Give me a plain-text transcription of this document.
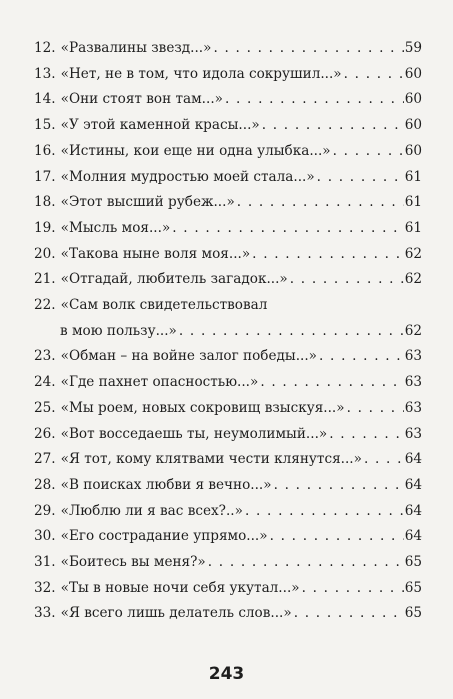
12. «Развалины звезд...» . . .	59
13. «Нет, не в том, что идола сокрушил...» . . .	60
14. «Они стоят вон там...» . . .	60
15. «У этой каменной красы...» . . .	60
16. «Истины, кои еще ни одна улыбка...» . . .	60
17. «Молния мудростью моей стала...» . . .	61
18. «Этот высший рубеж...» . . .	61
19. «Мысль моя...» . . .	61
20. «Такова ныне воля моя...» . . .	62
21. «Отгадай, любитель загадок...» . . .	62
22. «Сам волк свидетельствовал
в мою пользу...» . . .	62
23. «Обман – на войне залог победы...» . . .	63
24. «Где пахнет опасностью...» . . .	63
25. «Мы роем, новых сокровищ взыскуя...» . . .	63
26. «Вот восседаешь ты, неумолимый...» . . .	63
27. «Я тот, кому клятвами чести клянутся...» . . .	64
28. «В поисках любви я вечно...» . . .	64
29. «Люблю ли я вас всех?..» . . .	64
30. «Его сострадание упрямо...» . . .	64
31. «Боитесь вы меня?» . . .	65
32. «Ты в новые ночи себя укутал...» . . .	65
33. «Я всего лишь делатель слов...» . . .	65
243
